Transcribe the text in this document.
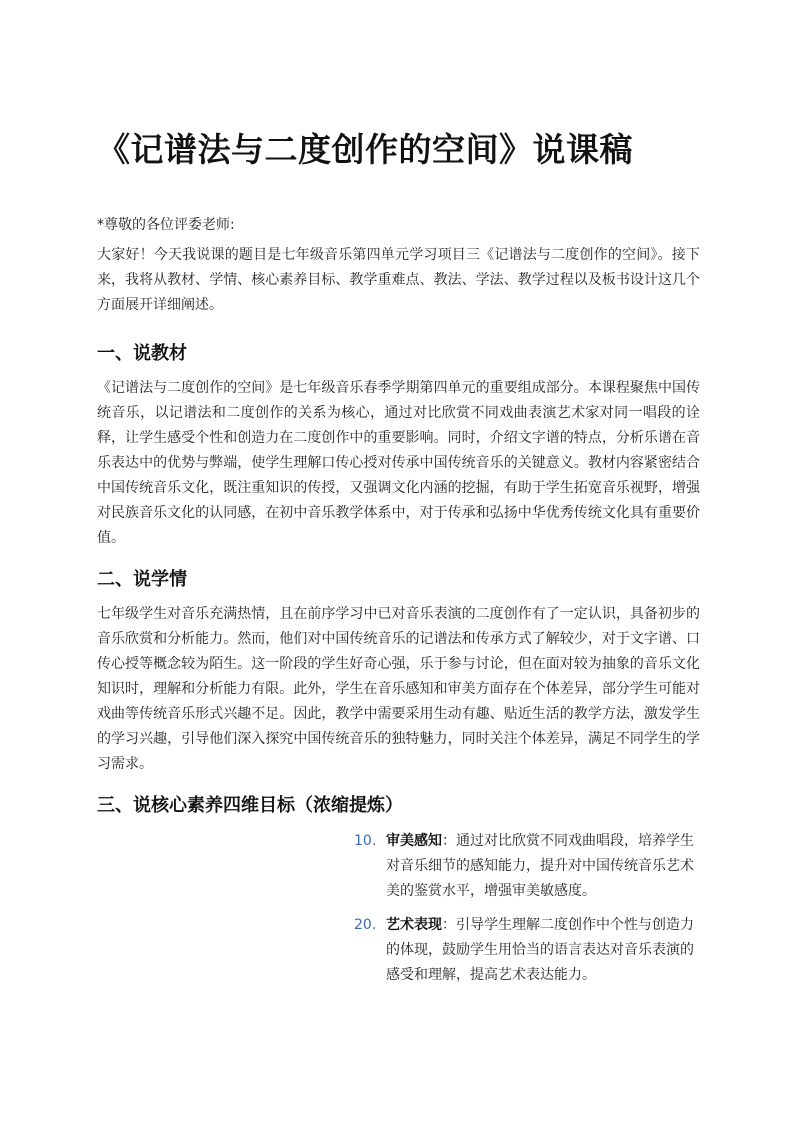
《记谱法与二度创作的空间》说课稿

*尊敬的各位评委老师:

大家好！今天我说课的题目是七年级音乐第四单元学习项目三《记谱法与二度创作的空间》。接下来，我将从教材、学情、核心素养目标、教学重难点、教法、学法、教学过程以及板书设计这几个方面展开详细阐述。

一、说教材

《记谱法与二度创作的空间》是七年级音乐春季学期第四单元的重要组成部分。本课程聚焦中国传统音乐，以记谱法和二度创作的关系为核心，通过对比欣赏不同戏曲表演艺术家对同一唱段的诠释，让学生感受个性和创造力在二度创作中的重要影响。同时，介绍文字谱的特点，分析乐谱在音乐表达中的优势与弊端，使学生理解口传心授对传承中国传统音乐的关键意义。教材内容紧密结合中国传统音乐文化，既注重知识的传授，又强调文化内涵的挖掘，有助于学生拓宽音乐视野，增强对民族音乐文化的认同感，在初中音乐教学体系中，对于传承和弘扬中华优秀传统文化具有重要价值。

二、说学情

七年级学生对音乐充满热情，且在前序学习中已对音乐表演的二度创作有了一定认识，具备初步的音乐欣赏和分析能力。然而，他们对中国传统音乐的记谱法和传承方式了解较少，对于文字谱、口传心授等概念较为陌生。这一阶段的学生好奇心强，乐于参与讨论，但在面对较为抽象的音乐文化知识时，理解和分析能力有限。此外，学生在音乐感知和审美方面存在个体差异，部分学生可能对戏曲等传统音乐形式兴趣不足。因此，教学中需要采用生动有趣、贴近生活的教学方法，激发学生的学习兴趣，引导他们深入探究中国传统音乐的独特魅力，同时关注个体差异，满足不同学生的学习需求。

三、说核心素养四维目标（浓缩提炼）
10. 审美感知：通过对比欣赏不同戏曲唱段，培养学生对音乐细节的感知能力，提升对中国传统音乐艺术美的鉴赏水平，增强审美敏感度。
20. 艺术表现：引导学生理解二度创作中个性与创造力的体现，鼓励学生用恰当的语言表达对音乐表演的感受和理解，提高艺术表达能力。
